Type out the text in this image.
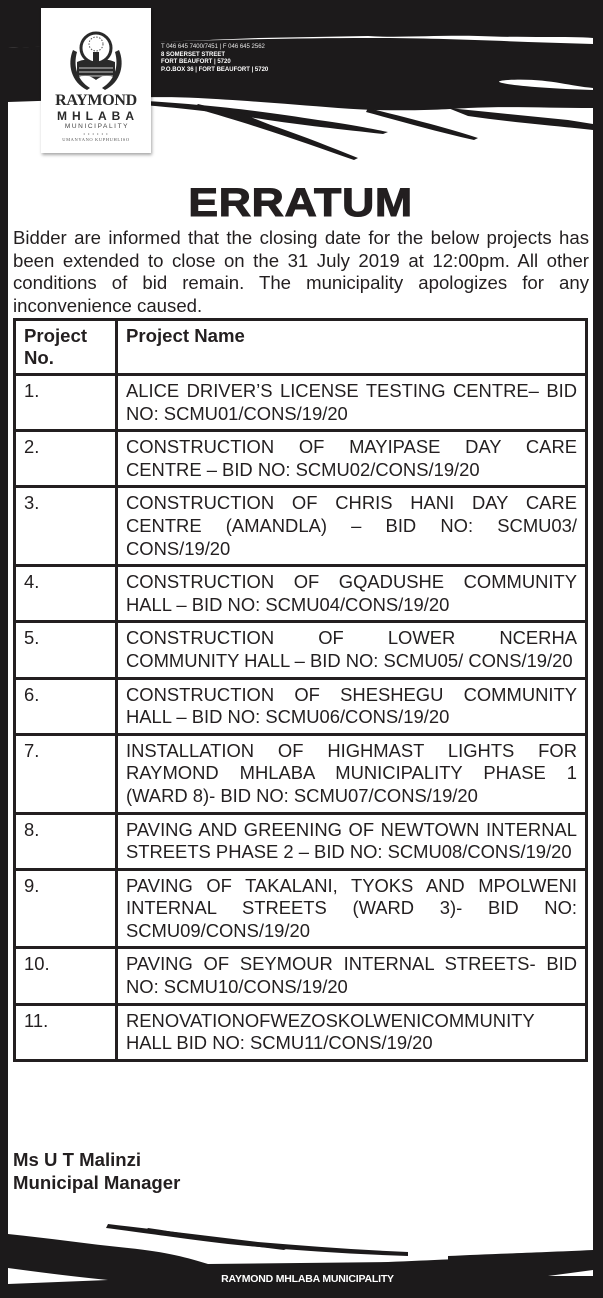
RAYMOND
MHLABA
MUNICIPALITY
• • • • • •
UMANYANO KUPHUHLISO
T 046 645 7400/7451 | F 046 645 2562
8 SOMERSET STREET
FORT BEAUFORT | 5720
P.O.BOX 36 | FORT BEAUFORT | 5720
ERRATUM
Bidder are informed that the closing date for the below projects has been extended to close on the 31 July 2019 at 12:00pm. All other conditions of bid remain. The municipality apologizes for any inconvenience caused.
Project No.	Project Name
1.	ALICE DRIVER’S LICENSE TESTING CENTRE– BID NO: SCMU01/CONS/19/20
2.	CONSTRUCTION OF MAYIPASE DAY CARE CENTRE – BID NO: SCMU02/CONS/19/20
3.	CONSTRUCTION OF CHRIS HANI DAY CARE CENTRE (AMANDLA) – BID NO: SCMU03/ CONS/19/20
4.	CONSTRUCTION OF GQADUSHE COMMUNITY HALL – BID NO: SCMU04/CONS/19/20
5.	CONSTRUCTION OF LOWER NCERHA COMMUNITY HALL – BID NO: SCMU05/ CONS/19/20
6.	CONSTRUCTION OF SHESHEGU COMMUNITY HALL – BID NO: SCMU06/CONS/19/20
7.	INSTALLATION OF HIGHMAST LIGHTS FOR RAYMOND MHLABA MUNICIPALITY PHASE 1 (WARD 8)- BID NO: SCMU07/CONS/19/20
8.	PAVING AND GREENING OF NEWTOWN INTERNAL STREETS PHASE 2 – BID NO: SCMU08/CONS/19/20
9.	PAVING OF TAKALANI, TYOKS AND MPOLWENI INTERNAL STREETS (WARD 3)- BID NO: SCMU09/CONS/19/20
10.	PAVING OF SEYMOUR INTERNAL STREETS- BID NO: SCMU10/CONS/19/20
11.	RENOVATIONOFWEZOSKOLWENICOMMUNITY HALL BID NO: SCMU11/CONS/19/20
Ms U T Malinzi
Municipal Manager
RAYMOND MHLABA MUNICIPALITY
